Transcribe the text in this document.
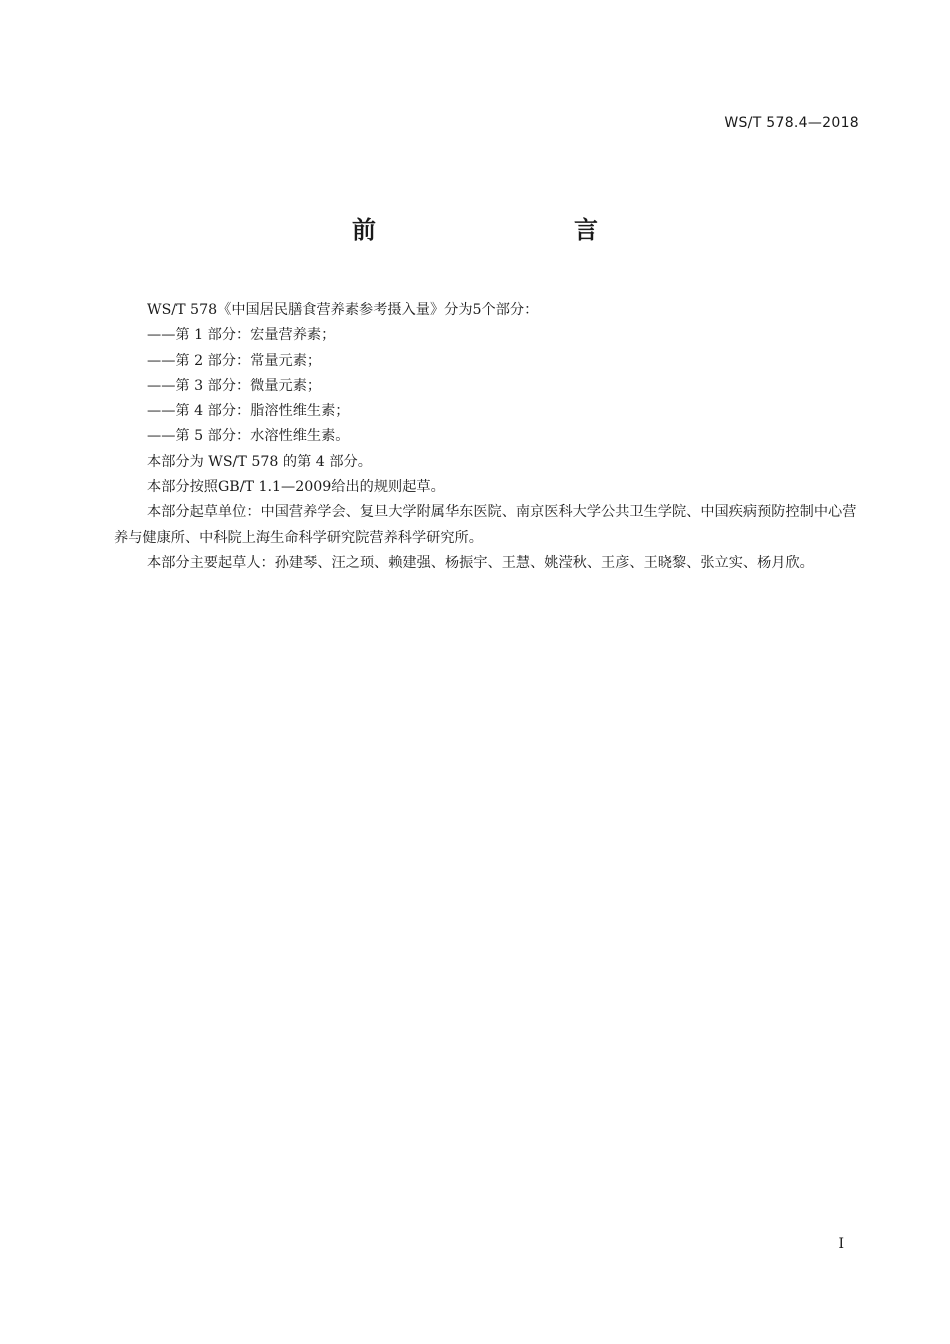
WS/T 578.4—2018
前　　言

WS/T 578《中国居民膳食营养素参考摄入量》分为5个部分：

——第 1 部分：宏量营养素；

——第 2 部分：常量元素；

——第 3 部分：微量元素；

——第 4 部分：脂溶性维生素；

——第 5 部分：水溶性维生素。

本部分为 WS/T 578 的第 4 部分。

本部分按照GB/T 1.1—2009给出的规则起草。

本部分起草单位：中国营养学会、复旦大学附属华东医院、南京医科大学公共卫生学院、中国疾病预防控制中心营养与健康所、中科院上海生命科学研究院营养科学研究所。

本部分主要起草人：孙建琴、汪之顼、赖建强、杨振宇、王慧、姚滢秋、王彦、王晓黎、张立实、杨月欣。

I
